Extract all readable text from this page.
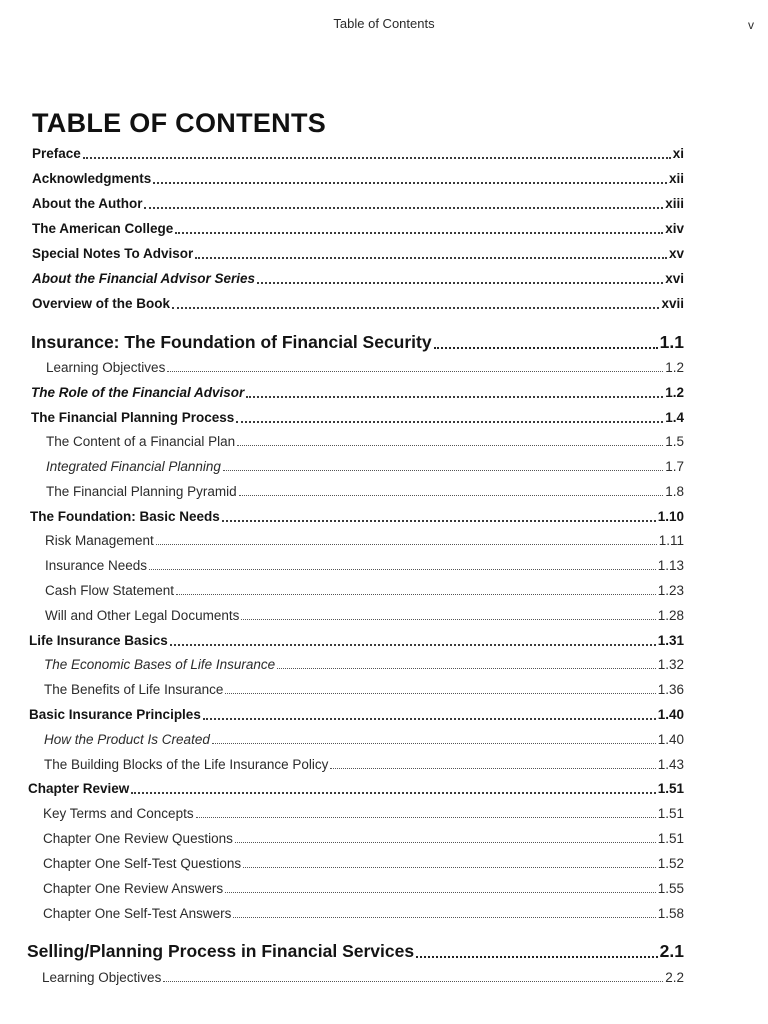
Table of Contents	v
TABLE OF CONTENTS
Preface	xi
Acknowledgments	xii
About the Author	xiii
The American College	xiv
Special Notes To Advisor	xv
About the Financial Advisor Series	xvi
Overview of the Book	xvii
Insurance: The Foundation of Financial Security	1.1
Learning Objectives	1.2
The Role of the Financial Advisor	1.2
The Financial Planning Process	1.4
The Content of a Financial Plan	1.5
Integrated Financial Planning	1.7
The Financial Planning Pyramid	1.8
The Foundation: Basic Needs	1.10
Risk Management	1.11
Insurance Needs	1.13
Cash Flow Statement	1.23
Will and Other Legal Documents	1.28
Life Insurance Basics	1.31
The Economic Bases of Life Insurance	1.32
The Benefits of Life Insurance	1.36
Basic Insurance Principles	1.40
How the Product Is Created	1.40
The Building Blocks of the Life Insurance Policy	1.43
Chapter Review	1.51
Key Terms and Concepts	1.51
Chapter One Review Questions	1.51
Chapter One Self-Test Questions	1.52
Chapter One Review Answers	1.55
Chapter One Self-Test Answers	1.58
Selling/Planning Process in Financial Services	2.1
Learning Objectives	2.2
